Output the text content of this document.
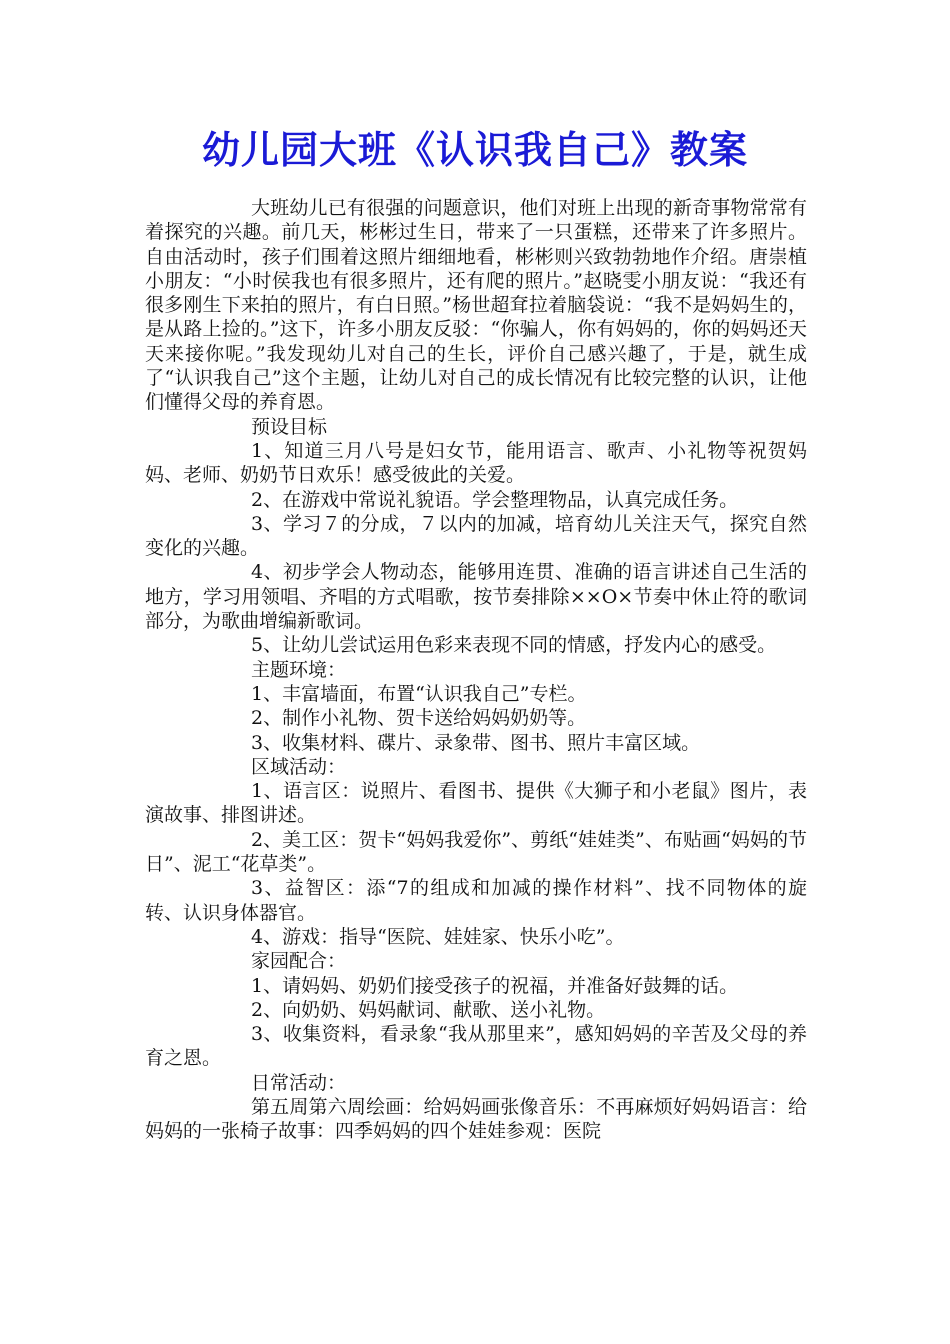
幼儿园大班《认识我自己》教案

大班幼儿已有很强的问题意识，他们对班上出现的新奇事物常常有着探究的兴趣。前几天，彬彬过生日，带来了一只蛋糕，还带来了许多照片。自由活动时，孩子们围着这照片细细地看，彬彬则兴致勃勃地作介绍。唐崇植小朋友：“小时侯我也有很多照片，还有爬的照片。”赵晓雯小朋友说：“我还有很多刚生下来拍的照片，有白日照。”杨世超耷拉着脑袋说：“我不是妈妈生的，是从路上捡的。”这下，许多小朋友反驳：“你骗人，你有妈妈的，你的妈妈还天天来接你呢。”我发现幼儿对自己的生长，评价自己感兴趣了，于是，就生成了“认识我自己”这个主题，让幼儿对自己的成长情况有比较完整的认识，让他们懂得父母的养育恩。

预设目标

1、知道三月八号是妇女节，能用语言、歌声、小礼物等祝贺妈妈、老师、奶奶节日欢乐！感受彼此的关爱。

2、在游戏中常说礼貌语。学会整理物品，认真完成任务。

3、学习７的分成，７以内的加减，培育幼儿关注天气，探究自然变化的兴趣。

4、初步学会人物动态，能够用连贯、准确的语言讲述自己生活的地方，学习用领唱、齐唱的方式唱歌，按节奏排除××O×节奏中休止符的歌词部分，为歌曲增编新歌词。

5、让幼儿尝试运用色彩来表现不同的情感，抒发内心的感受。

主题环境：

1、丰富墙面，布置“认识我自己”专栏。

2、制作小礼物、贺卡送给妈妈奶奶等。

3、收集材料、碟片、录象带、图书、照片丰富区域。

区域活动：

1、语言区：说照片、看图书、提供《大狮子和小老鼠》图片，表演故事、排图讲述。

2、美工区：贺卡“妈妈我爱你”、剪纸“娃娃类”、布贴画“妈妈的节日”、泥工“花草类”。

3、益智区：添“7的组成和加减的操作材料”、找不同物体的旋转、认识身体器官。

4、游戏：指导“医院、娃娃家、快乐小吃”。

家园配合：

1、请妈妈、奶奶们接受孩子的祝福，并准备好鼓舞的话。

2、向奶奶、妈妈献词、献歌、送小礼物。

3、收集资料，看录象“我从那里来”，感知妈妈的辛苦及父母的养育之恩。

日常活动：

第五周第六周绘画：给妈妈画张像音乐：不再麻烦好妈妈语言：给妈妈的一张椅子故事：四季妈妈的四个娃娃参观：医院
